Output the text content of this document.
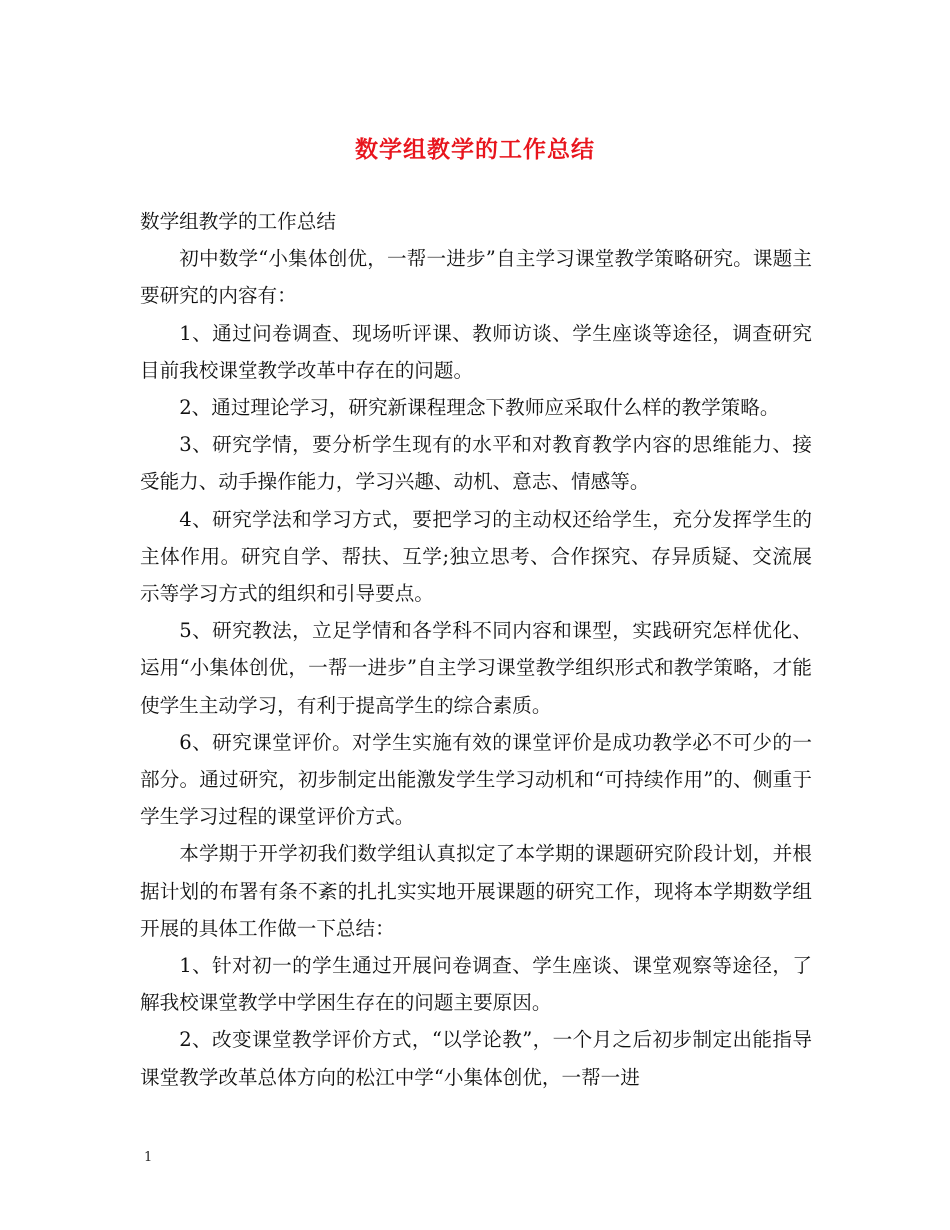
数学组教学的工作总结

数学组教学的工作总结

初中数学“小集体创优，一帮一进步”自主学习课堂教学策略研究。课题主要研究的内容有：

1、通过问卷调查、现场听评课、教师访谈、学生座谈等途径，调查研究目前我校课堂教学改革中存在的问题。

2、通过理论学习，研究新课程理念下教师应采取什么样的教学策略。

3、研究学情，要分析学生现有的水平和对教育教学内容的思维能力、接受能力、动手操作能力，学习兴趣、动机、意志、情感等。

4、研究学法和学习方式，要把学习的主动权还给学生，充分发挥学生的主体作用。研究自学、帮扶、互学;独立思考、合作探究、存异质疑、交流展示等学习方式的组织和引导要点。

5、研究教法，立足学情和各学科不同内容和课型，实践研究怎样优化、运用“小集体创优，一帮一进步”自主学习课堂教学组织形式和教学策略，才能使学生主动学习，有利于提高学生的综合素质。

6、研究课堂评价。对学生实施有效的课堂评价是成功教学必不可少的一部分。通过研究，初步制定出能激发学生学习动机和“可持续作用”的、侧重于学生学习过程的课堂评价方式。

本学期于开学初我们数学组认真拟定了本学期的课题研究阶段计划，并根据计划的布署有条不紊的扎扎实实地开展课题的研究工作，现将本学期数学组开展的具体工作做一下总结：

1、针对初一的学生通过开展问卷调查、学生座谈、课堂观察等途径，了解我校课堂教学中学困生存在的问题主要原因。

2、改变课堂教学评价方式，“以学论教”，一个月之后初步制定出能指导课堂教学改革总体方向的松江中学“小集体创优，一帮一进

1
